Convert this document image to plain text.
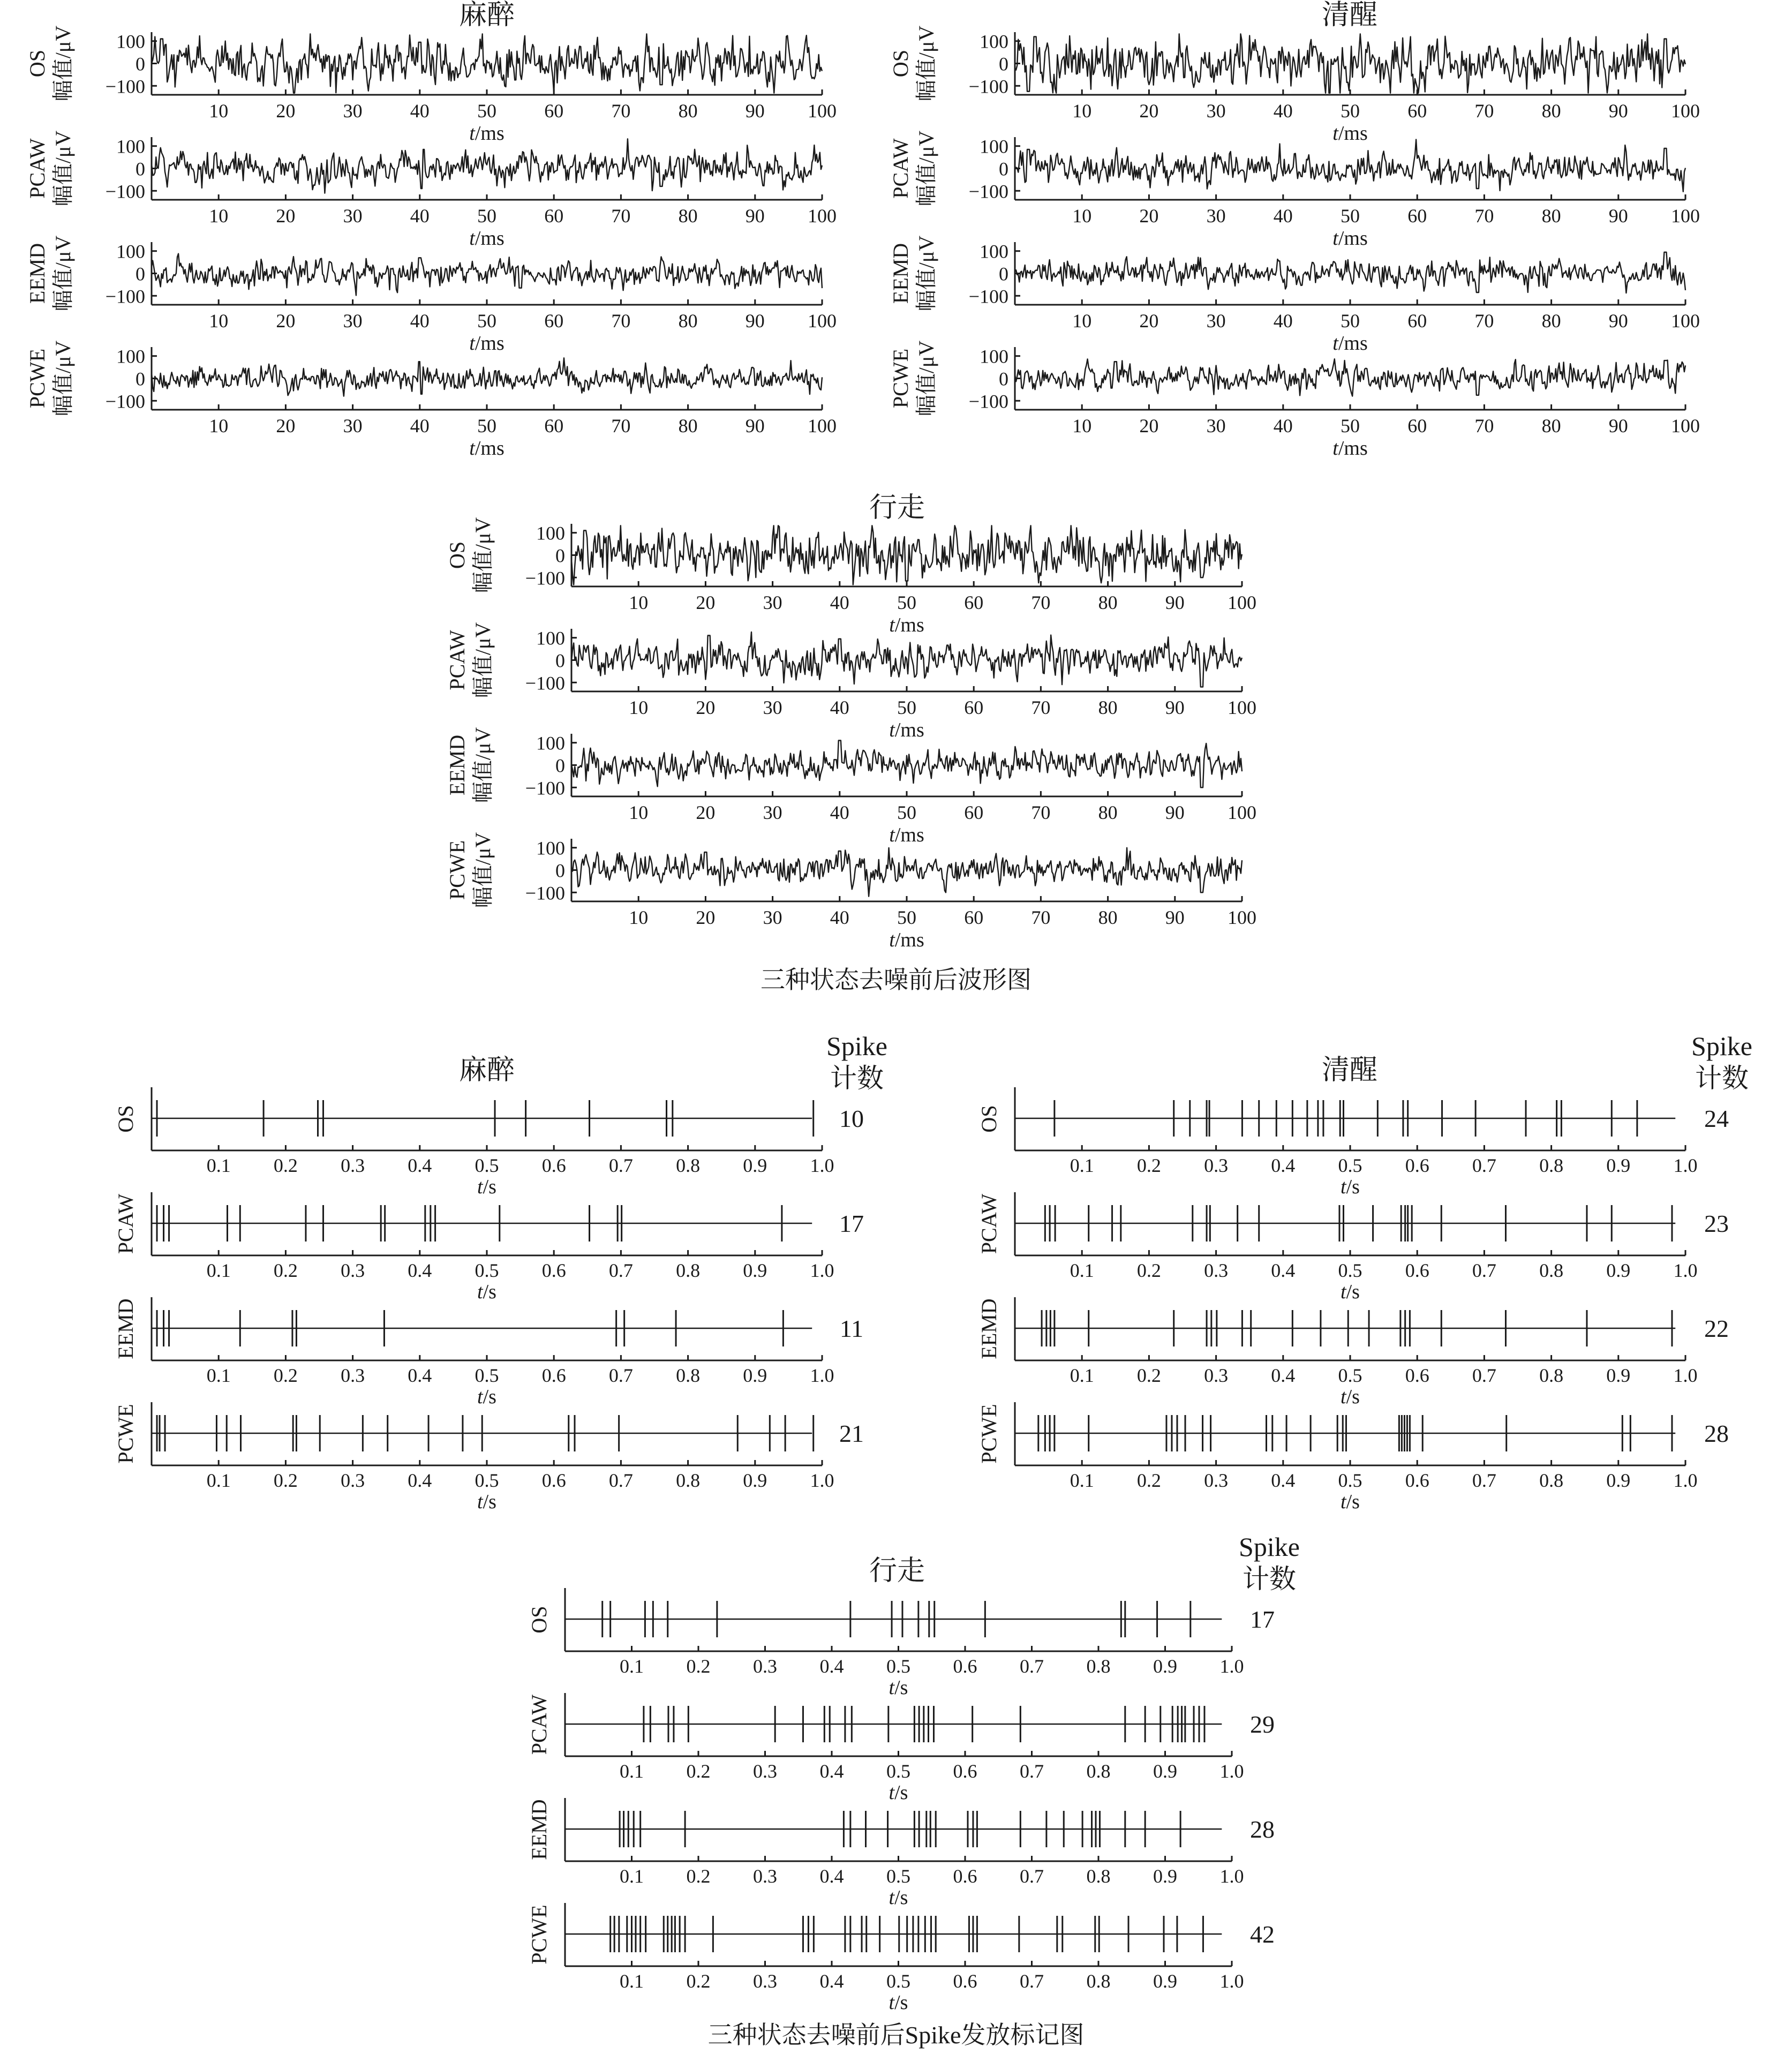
麻醉
100
0
−100
10 20 30 40 50 60 70 80 90 100
t/ms
OS 幅值/μV
100
0
−100
10 20 30 40 50 60 70 80 90 100
t/ms
PCAW 幅值/μV
100
0
−100
10 20 30 40 50 60 70 80 90 100
t/ms
EEMD 幅值/μV
100
0
−100
10 20 30 40 50 60 70 80 90 100
t/ms
PCWE 幅值/μV
清醒
100
0
−100
10 20 30 40 50 60 70 80 90 100
t/ms
OS 幅值/μV
100
0
−100
10 20 30 40 50 60 70 80 90 100
t/ms
PCAW 幅值/μV
100
0
−100
10 20 30 40 50 60 70 80 90 100
t/ms
EEMD 幅值/μV
100
0
−100
10 20 30 40 50 60 70 80 90 100
t/ms
PCWE 幅值/μV
行走
100
0
−100
10 20 30 40 50 60 70 80 90 100
t/ms
OS 幅值/μV
100
0
−100
10 20 30 40 50 60 70 80 90 100
t/ms
PCAW 幅值/μV
100
0
−100
10 20 30 40 50 60 70 80 90 100
t/ms
EEMD 幅值/μV
100
0
−100
10 20 30 40 50 60 70 80 90 100
t/ms
PCWE 幅值/μV
麻醉
Spike
计数
0.1 0.2 0.3 0.4 0.5 0.6 0.7 0.8 0.9 1.0
t/s
OS	10
0.1 0.2 0.3 0.4 0.5 0.6 0.7 0.8 0.9 1.0
t/s
PCAW	17
0.1 0.2 0.3 0.4 0.5 0.6 0.7 0.8 0.9 1.0
t/s
EEMD	11
0.1 0.2 0.3 0.4 0.5 0.6 0.7 0.8 0.9 1.0
t/s
PCWE	21
清醒
Spike
计数
0.1 0.2 0.3 0.4 0.5 0.6 0.7 0.8 0.9 1.0
t/s
OS	24
0.1 0.2 0.3 0.4 0.5 0.6 0.7 0.8 0.9 1.0
t/s
PCAW	23
0.1 0.2 0.3 0.4 0.5 0.6 0.7 0.8 0.9 1.0
t/s
EEMD	22
0.1 0.2 0.3 0.4 0.5 0.6 0.7 0.8 0.9 1.0
t/s
PCWE	28
行走
Spike
计数
0.1 0.2 0.3 0.4 0.5 0.6 0.7 0.8 0.9 1.0
t/s
OS	17
0.1 0.2 0.3 0.4 0.5 0.6 0.7 0.8 0.9 1.0
t/s
PCAW	29
0.1 0.2 0.3 0.4 0.5 0.6 0.7 0.8 0.9 1.0
t/s
EEMD	28
0.1 0.2 0.3 0.4 0.5 0.6 0.7 0.8 0.9 1.0
t/s
PCWE	42
三种状态去噪前后波形图
三种状态去噪前后Spike发放标记图
